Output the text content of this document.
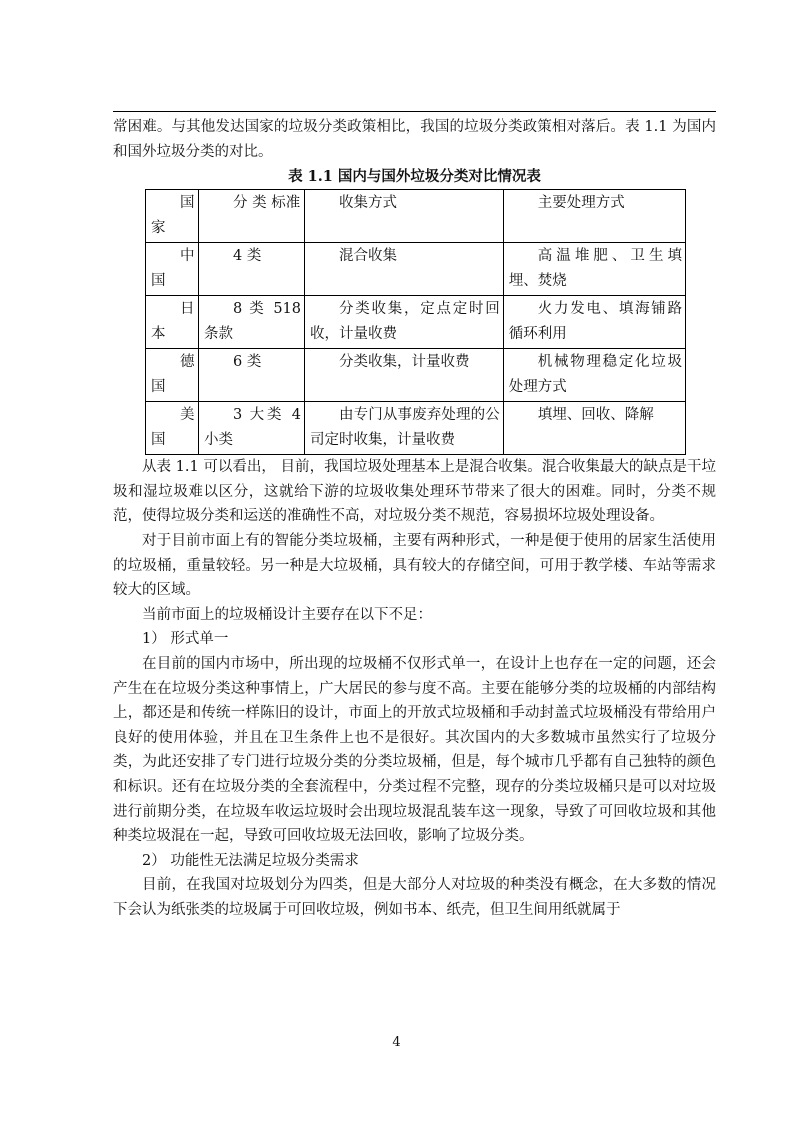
常困难。与其他发达国家的垃圾分类政策相比，我国的垃圾分类政策相对落后。表 1.1 为国内和国外垃圾分类的对比。

表 1.1 国内与国外垃圾分类对比情况表
国家	分 类 标准	收集方式	主要处理方式

中国	4 类	混合收集	高温堆肥、卫生填埋、焚烧

日本	8 类 518 条款	分类收集，定点定时回收，计量收费	火力发电、填海铺路循环利用

德国	6 类	分类收集，计量收费	机械物理稳定化垃圾处理方式

美国	3 大类 4 小类	由专门从事废弃处理的公司定时收集，计量收费	填埋、回收、降解

从表 1.1 可以看出， 目前，我国垃圾处理基本上是混合收集。混合收集最大的缺点是干垃圾和湿垃圾难以区分，这就给下游的垃圾收集处理环节带来了很大的困难。同时，分类不规范，使得垃圾分类和运送的准确性不高，对垃圾分类不规范，容易损坏垃圾处理设备。

对于目前市面上有的智能分类垃圾桶，主要有两种形式，一种是便于使用的居家生活使用的垃圾桶，重量较轻。另一种是大垃圾桶，具有较大的存储空间，可用于教学楼、车站等需求较大的区域。

当前市面上的垃圾桶设计主要存在以下不足：

1） 形式单一

在目前的国内市场中，所出现的垃圾桶不仅形式单一，在设计上也存在一定的问题，还会产生在在垃圾分类这种事情上，广大居民的参与度不高。主要在能够分类的垃圾桶的内部结构上，都还是和传统一样陈旧的设计，市面上的开放式垃圾桶和手动封盖式垃圾桶没有带给用户良好的使用体验，并且在卫生条件上也不是很好。其次国内的大多数城市虽然实行了垃圾分类，为此还安排了专门进行垃圾分类的分类垃圾桶，但是，每个城市几乎都有自己独特的颜色和标识。还有在垃圾分类的全套流程中，分类过程不完整，现存的分类垃圾桶只是可以对垃圾进行前期分类，在垃圾车收运垃圾时会出现垃圾混乱装车这一现象，导致了可回收垃圾和其他种类垃圾混在一起，导致可回收垃圾无法回收，影响了垃圾分类。

2） 功能性无法满足垃圾分类需求

目前，在我国对垃圾划分为四类，但是大部分人对垃圾的种类没有概念，在大多数的情况下会认为纸张类的垃圾属于可回收垃圾，例如书本、纸壳，但卫生间用纸就属于

4
